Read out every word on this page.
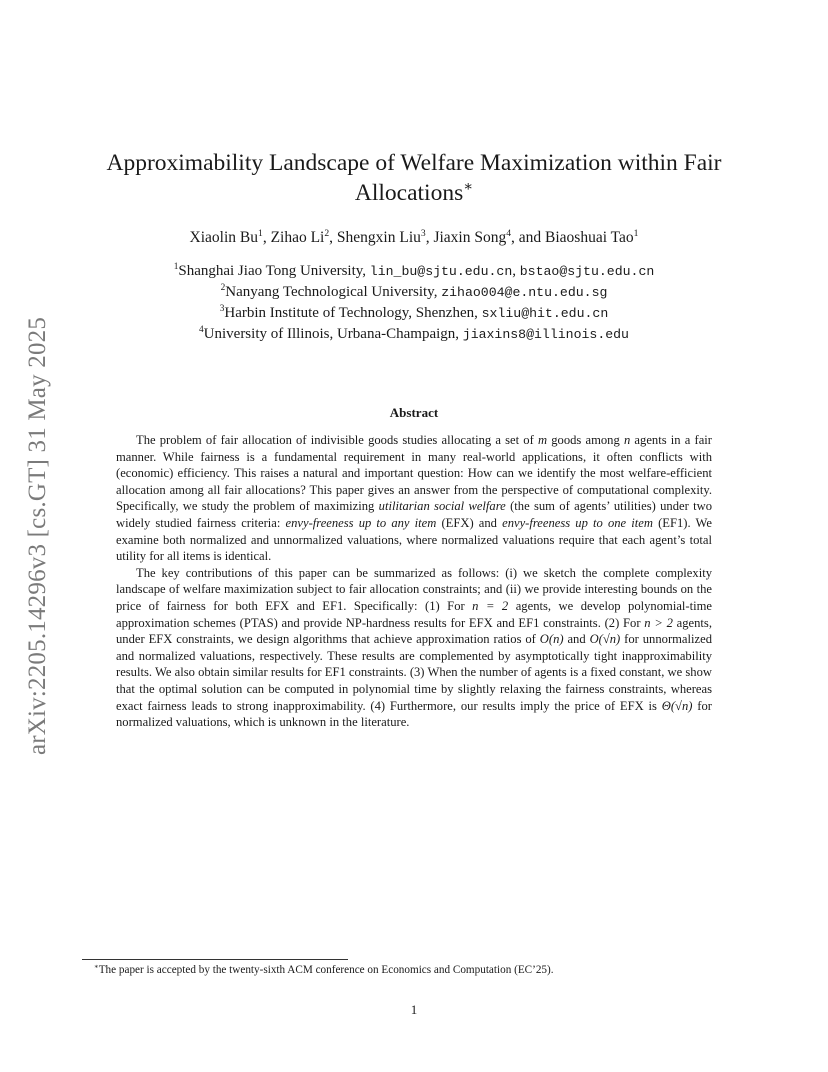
arXiv:2205.14296v3 [cs.GT] 31 May 2025
Approximability Landscape of Welfare Maximization within Fair
Allocations∗
Xiaolin Bu$^1$, Zihao Li$^2$, Shengxin Liu$^3$, Jiaxin Song$^4$, and Biaoshuai Tao$^1$
$^1$Shanghai Jiao Tong University, lin_bu@sjtu.edu.cn, bstao@sjtu.edu.cn
$^2$Nanyang Technological University, zihao004@e.ntu.edu.sg
$^3$Harbin Institute of Technology, Shenzhen, sxliu@hit.edu.cn
$^4$University of Illinois, Urbana-Champaign, jiaxins8@illinois.edu
Abstract

The problem of fair allocation of indivisible goods studies allocating a set of m goods among n agents in a fair manner. While fairness is a fundamental requirement in many real-world applications, it often conflicts with (economic) efficiency. This raises a natural and important question: How can we identify the most welfare-efficient allocation among all fair allocations? This paper gives an answer from the perspective of computational complexity. Specifically, we study the problem of maximizing utilitarian social welfare (the sum of agents’ utilities) under two widely studied fairness criteria: envy-freeness up to any item (EFX) and envy-freeness up to one item (EF1). We examine both normalized and unnormalized valuations, where normalized valuations require that each agent’s total utility for all items is identical.

The key contributions of this paper can be summarized as follows: (i) we sketch the complete complexity landscape of welfare maximization subject to fair allocation constraints; and (ii) we provide interesting bounds on the price of fairness for both EFX and EF1. Specifically: (1) For n = 2 agents, we develop polynomial-time approximation schemes (PTAS) and provide NP-hardness results for EFX and EF1 constraints. (2) For n > 2 agents, under EFX constraints, we design algorithms that achieve approximation ratios of O(n) and O(√n) for unnormalized and normalized valuations, respectively. These results are complemented by asymptotically tight inapproximability results. We also obtain similar results for EF1 constraints. (3) When the number of agents is a fixed constant, we show that the optimal solution can be computed in polynomial time by slightly relaxing the fairness constraints, whereas exact fairness leads to strong inapproximability. (4) Furthermore, our results imply the price of EFX is Θ(√n) for normalized valuations, which is unknown in the literature.

∗The paper is accepted by the twenty-sixth ACM conference on Economics and Computation (EC’25).
1
